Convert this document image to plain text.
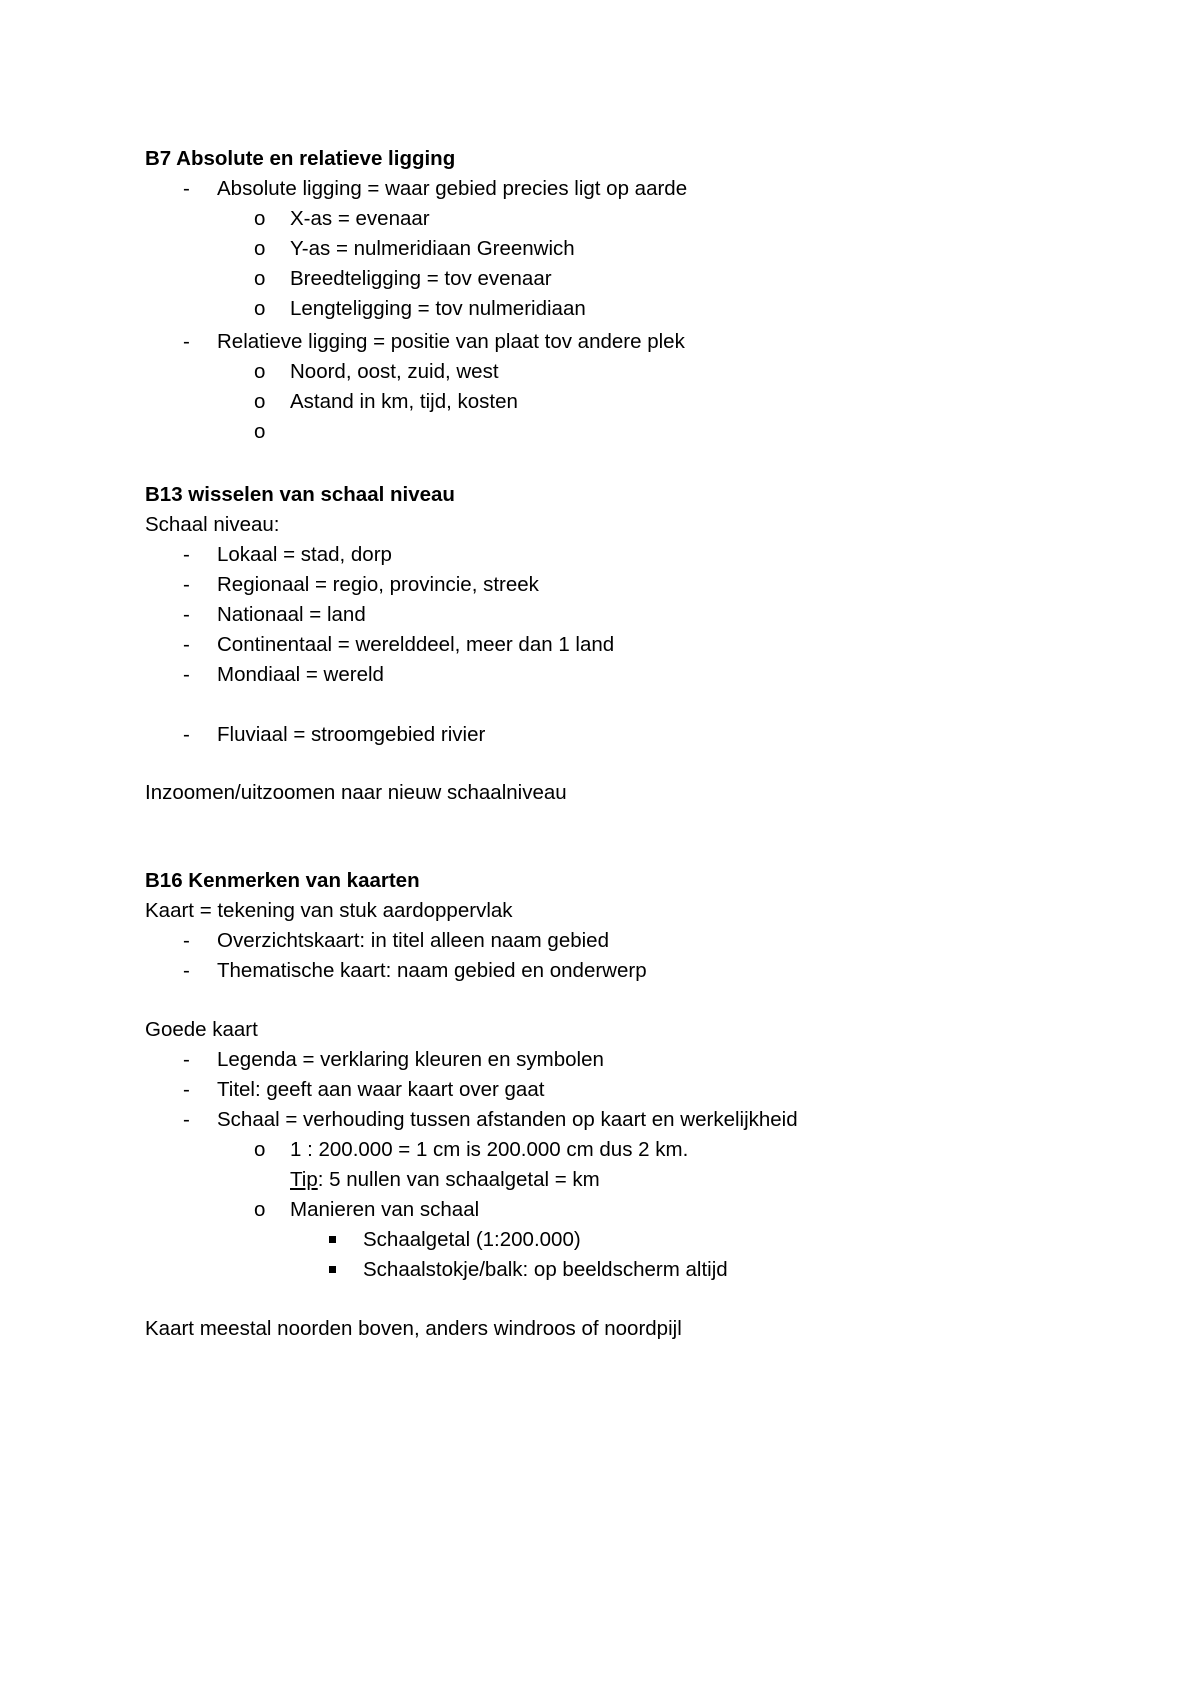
B7 Absolute en relatieve ligging
- Absolute ligging = waar gebied precies ligt op aarde
o X-as = evenaar
o Y-as = nulmeridiaan Greenwich
o Breedteligging = tov evenaar
o Lengteligging = tov nulmeridiaan
- Relatieve ligging = positie van plaat tov andere plek
o Noord, oost, zuid, west
o Astand in km, tijd, kosten
o
B13 wisselen van schaal niveau
Schaal niveau:
- Lokaal = stad, dorp
- Regionaal = regio, provincie, streek
- Nationaal = land
- Continentaal = werelddeel, meer dan 1 land
- Mondiaal = wereld
- Fluviaal = stroomgebied rivier
Inzoomen/uitzoomen naar nieuw schaalniveau
B16 Kenmerken van kaarten
Kaart = tekening van stuk aardoppervlak
- Overzichtskaart: in titel alleen naam gebied
- Thematische kaart: naam gebied en onderwerp
Goede kaart
- Legenda = verklaring kleuren en symbolen
- Titel: geeft aan waar kaart over gaat
- Schaal = verhouding tussen afstanden op kaart en werkelijkheid
o 1 : 200.000 = 1 cm is 200.000 cm dus 2 km.
Tip: 5 nullen van schaalgetal = km
o Manieren van schaal
Schaalgetal (1:200.000)
Schaalstokje/balk: op beeldscherm altijd
Kaart meestal noorden boven, anders windroos of noordpijl
